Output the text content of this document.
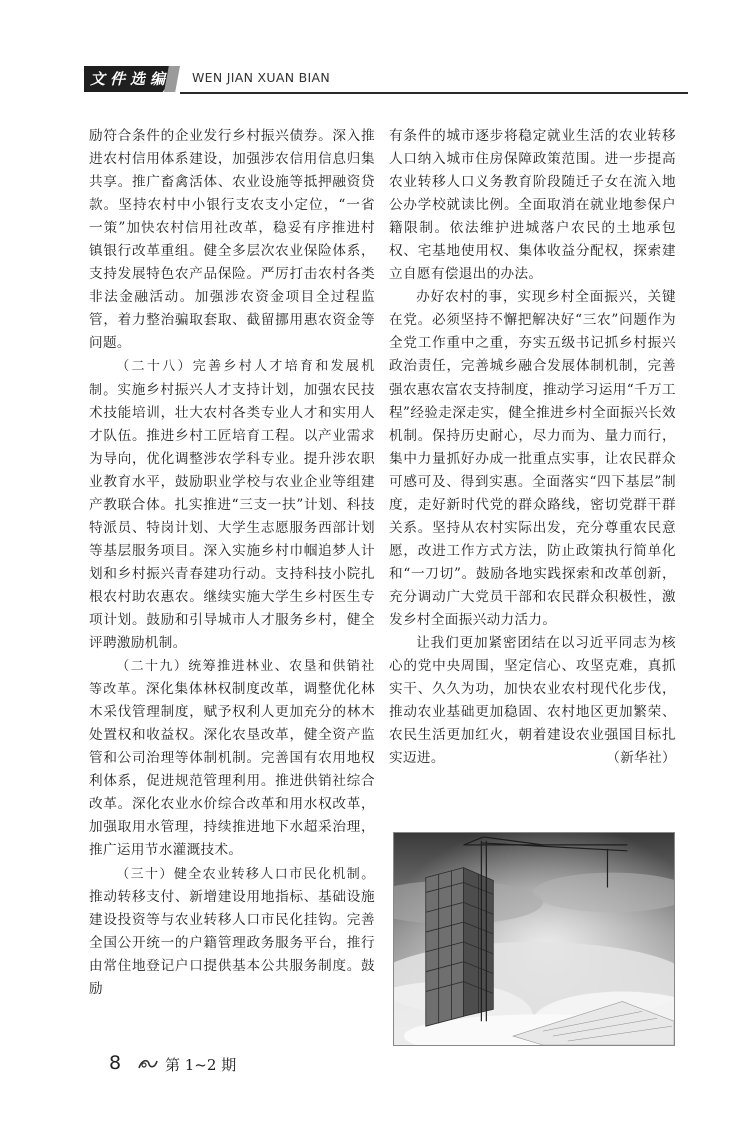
文件选编 WEN JIAN XUAN BIAN

励符合条件的企业发行乡村振兴债券。深入推进农村信用体系建设，加强涉农信用信息归集共享。推广畜禽活体、农业设施等抵押融资贷款。坚持农村中小银行支农支小定位，“一省一策”加快农村信用社改革，稳妥有序推进村镇银行改革重组。健全多层次农业保险体系，支持发展特色农产品保险。严厉打击农村各类非法金融活动。加强涉农资金项目全过程监管，着力整治骗取套取、截留挪用惠农资金等问题。

（二十八）完善乡村人才培育和发展机制。实施乡村振兴人才支持计划，加强农民技术技能培训，壮大农村各类专业人才和实用人才队伍。推进乡村工匠培育工程。以产业需求为导向，优化调整涉农学科专业。提升涉农职业教育水平，鼓励职业学校与农业企业等组建产教联合体。扎实推进“三支一扶”计划、科技特派员、特岗计划、大学生志愿服务西部计划等基层服务项目。深入实施乡村巾帼追梦人计划和乡村振兴青春建功行动。支持科技小院扎根农村助农惠农。继续实施大学生乡村医生专项计划。鼓励和引导城市人才服务乡村，健全评聘激励机制。

（二十九）统筹推进林业、农垦和供销社等改革。深化集体林权制度改革，调整优化林木采伐管理制度，赋予权利人更加充分的林木处置权和收益权。深化农垦改革，健全资产监管和公司治理等体制机制。完善国有农用地权利体系，促进规范管理利用。推进供销社综合改革。深化农业水价综合改革和用水权改革，加强取用水管理，持续推进地下水超采治理，推广运用节水灌溉技术。

（三十）健全农业转移人口市民化机制。推动转移支付、新增建设用地指标、基础设施建设投资等与农业转移人口市民化挂钩。完善全国公开统一的户籍管理政务服务平台，推行由常住地登记户口提供基本公共服务制度。鼓励

有条件的城市逐步将稳定就业生活的农业转移人口纳入城市住房保障政策范围。进一步提高农业转移人口义务教育阶段随迁子女在流入地公办学校就读比例。全面取消在就业地参保户籍限制。依法维护进城落户农民的土地承包权、宅基地使用权、集体收益分配权，探索建立自愿有偿退出的办法。

办好农村的事，实现乡村全面振兴，关键在党。必须坚持不懈把解决好“三农”问题作为全党工作重中之重，夯实五级书记抓乡村振兴政治责任，完善城乡融合发展体制机制，完善强农惠农富农支持制度，推动学习运用“千万工程”经验走深走实，健全推进乡村全面振兴长效机制。保持历史耐心，尽力而为、量力而行，集中力量抓好办成一批重点实事，让农民群众可感可及、得到实惠。全面落实“四下基层”制度，走好新时代党的群众路线，密切党群干群关系。坚持从农村实际出发，充分尊重农民意愿，改进工作方式方法，防止政策执行简单化和“一刀切”。鼓励各地实践探索和改革创新，充分调动广大党员干部和农民群众积极性，激发乡村全面振兴动力活力。

让我们更加紧密团结在以习近平同志为核心的党中央周围，坚定信心、攻坚克难，真抓实干、久久为功，加快农业农村现代化步伐，推动农业基础更加稳固、农村地区更加繁荣、农民生活更加红火，朝着建设农业强国目标扎实迈进。	（新华社）

8	第 1~2 期
